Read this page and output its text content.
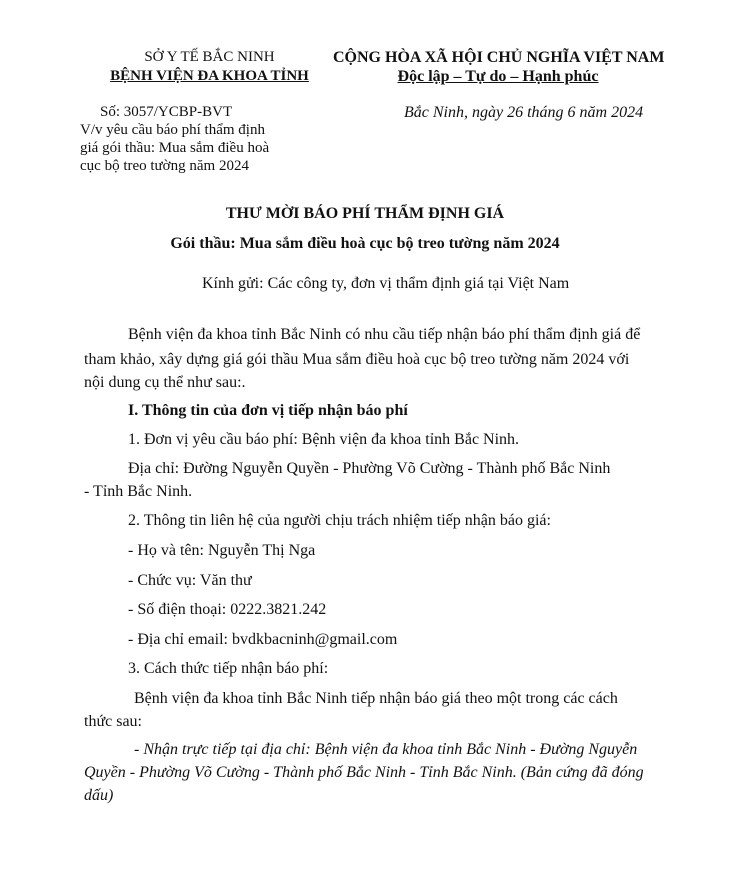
SỞ Y TẾ BẮC NINH
BỆNH VIỆN ĐA KHOA TỈNH
CỘNG HÒA XÃ HỘI CHỦ NGHĨA VIỆT NAM
Độc lập – Tự do – Hạnh phúc
Số: 3057/YCBP-BVT
V/v yêu cầu báo phí thẩm định
giá gói thầu: Mua sắm điều hoà
cục bộ treo tường năm 2024
Bắc Ninh, ngày 26 tháng 6 năm 2024
THƯ MỜI BÁO PHÍ THẨM ĐỊNH GIÁ
Gói thầu: Mua sắm điều hoà cục bộ treo tường năm 2024
Kính gửi: Các công ty, đơn vị thẩm định giá tại Việt Nam
Bệnh viện đa khoa tỉnh Bắc Ninh có nhu cầu tiếp nhận báo phí thẩm định giá để
tham khảo, xây dựng giá gói thầu Mua sắm điều hoà cục bộ treo tường năm 2024 với
nội dung cụ thể như sau:.
I. Thông tin của đơn vị tiếp nhận báo phí
1. Đơn vị yêu cầu báo phí: Bệnh viện đa khoa tỉnh Bắc Ninh.
Địa chỉ: Đường Nguyễn Quyền - Phường Võ Cường - Thành phố Bắc Ninh
- Tỉnh Bắc Ninh.
2. Thông tin liên hệ của người chịu trách nhiệm tiếp nhận báo giá:
- Họ và tên: Nguyễn Thị Nga
- Chức vụ: Văn thư
- Số điện thoại: 0222.3821.242
- Địa chỉ email: bvdkbacninh@gmail.com
3. Cách thức tiếp nhận báo phí:
Bệnh viện đa khoa tỉnh Bắc Ninh tiếp nhận báo giá theo một trong các cách
thức sau:
- Nhận trực tiếp tại địa chỉ: Bệnh viện đa khoa tỉnh Bắc Ninh - Đường Nguyễn
Quyền - Phường Võ Cường - Thành phố Bắc Ninh - Tỉnh Bắc Ninh. (Bản cứng đã đóng
dấu)
